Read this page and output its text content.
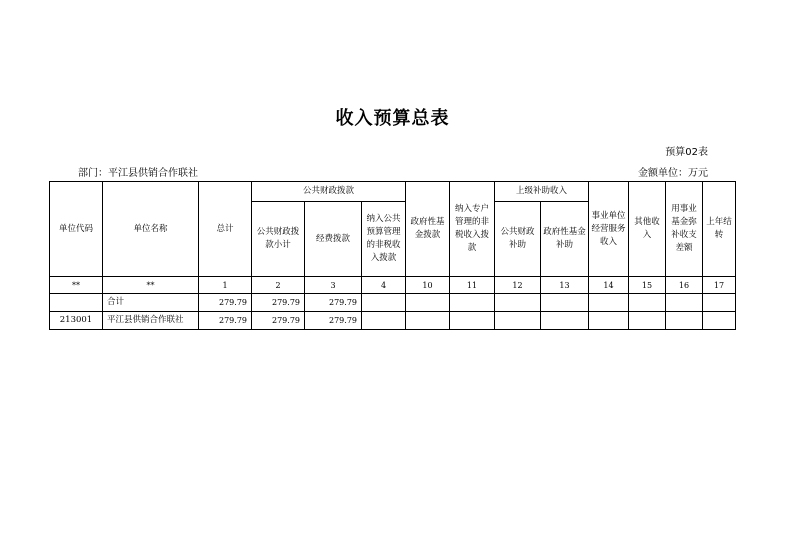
收入预算总表
预算02表
部门：平江县供销合作联社	金额单位：万元
单位代码	单位名称	总计	公共财政拨款			政府性基金拨款	纳入专户管理的非税收入拨款	上级补助收入		事业单位经营服务收入	其他收入	用事业基金弥补收支差额	上年结转
			公共财政拨款小计	经费拨款	纳入公共预算管理的非税收入拨款			公共财政补助	政府性基金补助				
**	**	1	2	3	4	10	11	12	13	14	15	16	17
	合计	279.79	279.79	279.79									
213001	平江县供销合作联社	279.79	279.79	279.79									
